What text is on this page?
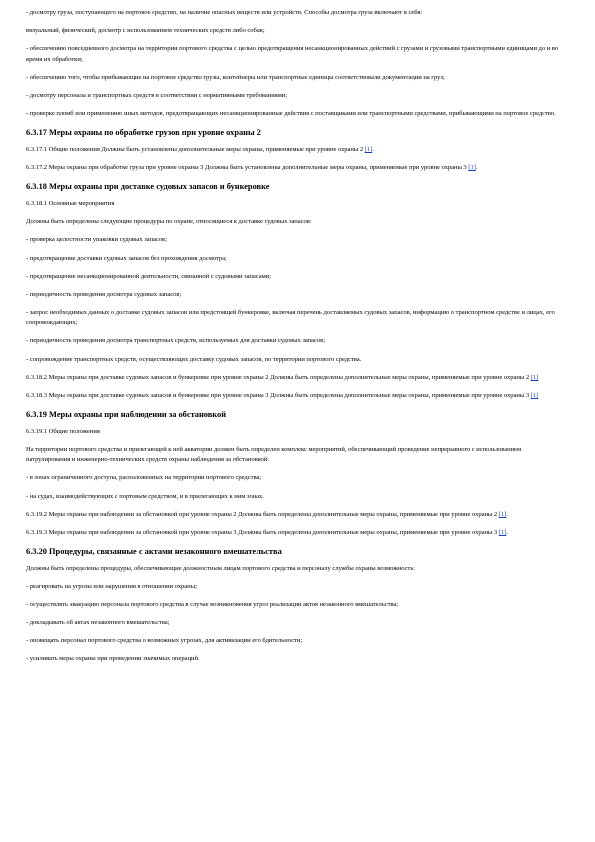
- досмотру груза, поступающего на портовое средство, на наличие опасных веществ или устройств. Способы досмотра груза включают в себя:

визуальный, физический, досмотр с использованием технических средств либо собак;

- обеспечению повседневного досмотра на территории портового средства с целью предотвращения несанкционированных действий с грузами и грузовыми транспортными единицами до и во время их обработки;

- обеспечению того, чтобы прибывающие на портовое средство грузы, контейнеры или транспортные единицы соответствовали документации на груз;

- досмотру персонала и транспортных средств в соответствии с нормативными требованиями;

- проверке пломб или применению иных методов, предотвращающих несанкционированные действия с поставщиками или транспортными средствами, прибывающими на портовое средство.

6.3.17 Меры охраны по обработке грузов при уровне охраны 2

6.3.17.1 Общие положения Должны быть установлены дополнительные меры охраны, применяемые при уровне охраны 2 [1].

6.3.17.2 Меры охраны при обработке груза при уровне охраны 3 Должны быть установлены дополнительные меры охраны, применяемые при уровне охраны 3 [1].

6.3.18 Меры охраны при доставке судовых запасов и бункеровке

6.3.18.1 Основные мероприятия

Должны быть определены следующие процедуры по охране, относящиеся к доставке судовых запасов:

- проверка целостности упаковки судовых запасов;

- предотвращение доставки судовых запасов без прохождения досмотра;

- предотвращение несанкционированной деятельности, связанной с судовыми запасами;

- периодичность проведения досмотра судовых запасов;

- запрос необходимых данных о доставке судовых запасов или предстоящей бункеровке, включая перечень доставляемых судовых запасов, информацию о транспортном средстве и лицах, его сопровождающих;

- периодичность проведения досмотра транспортных средств, используемых для доставки судовых запасов;

- сопровождение транспортных средств, осуществляющих доставку судовых запасов, по территории портового средства.

6.3.18.2 Меры охраны при доставке судовых запасов и бункеровке при уровне охраны 2 Должны быть определены дополнительные меры охраны, применяемые при уровне охраны 2 [1]

6.3.18.3 Меры охраны при доставке судовых запасов и бункеровке при уровне охраны 3 Должны быть определены дополнительные меры охраны, применяемые при уровне охраны 3 [1]

6.3.19 Меры охраны при наблюдении за обстановкой

6.3.19.1 Общие положения

На территории портового средства и прилегающей к ней акватории должен быть определен комплекс мероприятий, обеспечивающий проведение непрерывного с использованием патрулирования и инженерно-технических средств охраны наблюдения за обстановкой:

- в зонах ограниченного доступа, расположенных на территории портового средства;

- на судах, взаимодействующих с портовым средством, и в прилегающих к ним зонах.

6.3.19.2 Меры охраны при наблюдении за обстановкой при уровне охраны 2 Должны быть определены дополнительные меры охраны, применяемые при уровне охраны 2 [1].

6.3.19.3 Меры охраны при наблюдении за обстановкой при уровне охраны 3 Должны быть определены дополнительные меры охраны, применяемые при уровне охраны 3 [1].

6.3.20 Процедуры, связанные с актами незаконного вмешательства

Должны быть определены процедуры, обеспечивающие должностным лицам портового средства и персоналу службы охраны возможность:

- реагировать на угрозы или нарушения в отношении охраны;

- осуществлять эвакуацию персонала портового средства в случае возникновения угроз реализации актов незаконного вмешательства;

- докладывать об актах незаконного вмешательства;

- оповещать персонал портового средства о возможных угрозах, для активизации его бдительности;

- усиливать меры охраны при проведении значимых операций.
